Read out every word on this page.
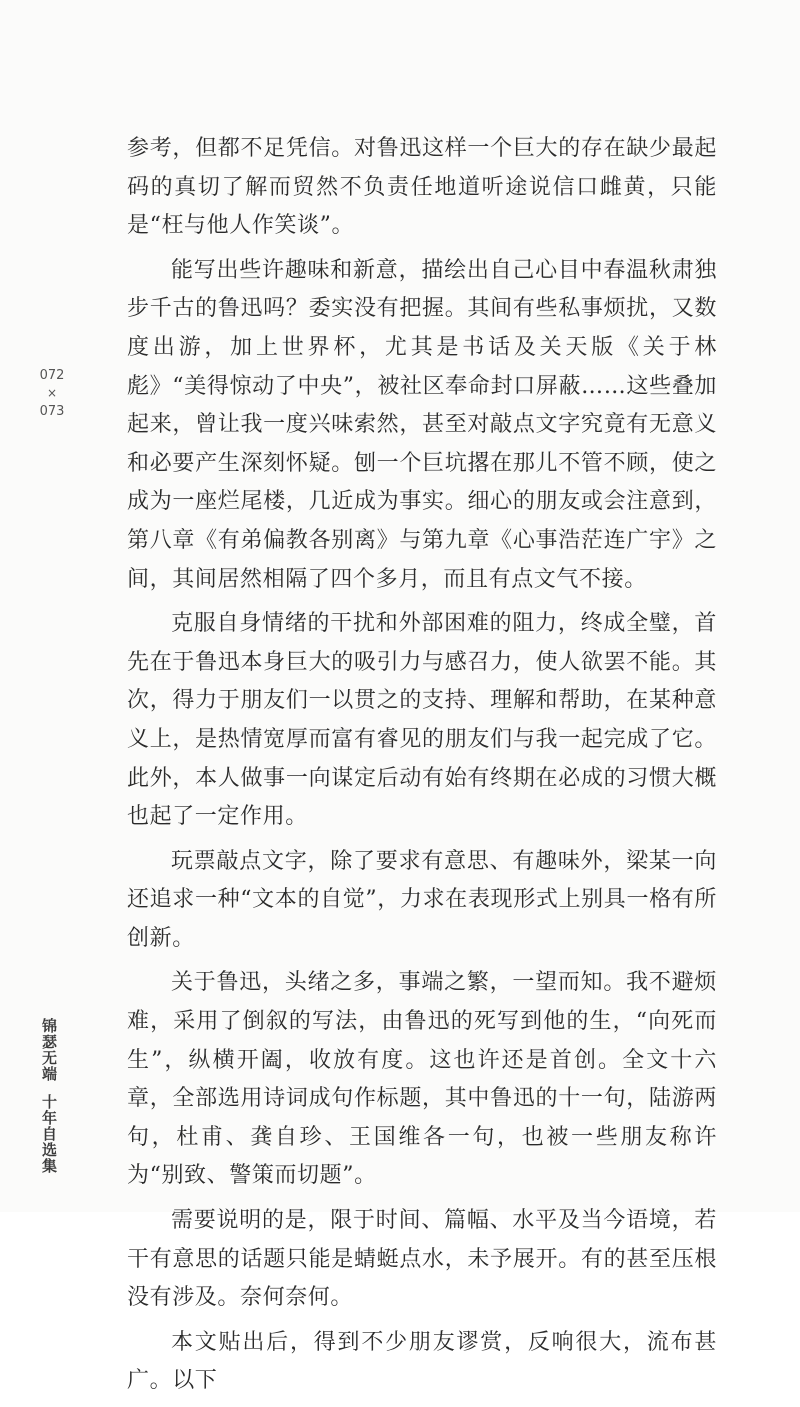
072
×
073

参考，但都不足凭信。对鲁迅这样一个巨大的存在缺少最起码的真切了解而贸然不负责任地道听途说信口雌黄，只能是“枉与他人作笑谈”。

能写出些许趣味和新意，描绘出自己心目中春温秋肃独步千古的鲁迅吗？委实没有把握。其间有些私事烦扰，又数度出游，加上世界杯，尤其是书话及关天版《关于林彪》“美得惊动了中央”，被社区奉命封口屏蔽……这些叠加起来，曾让我一度兴味索然，甚至对敲点文字究竟有无意义和必要产生深刻怀疑。刨一个巨坑撂在那儿不管不顾，使之成为一座烂尾楼，几近成为事实。细心的朋友或会注意到，第八章《有弟偏教各别离》与第九章《心事浩茫连广宇》之间，其间居然相隔了四个多月，而且有点文气不接。

克服自身情绪的干扰和外部困难的阻力，终成全璧，首先在于鲁迅本身巨大的吸引力与感召力，使人欲罢不能。其次，得力于朋友们一以贯之的支持、理解和帮助，在某种意义上，是热情宽厚而富有睿见的朋友们与我一起完成了它。此外，本人做事一向谋定后动有始有终期在必成的习惯大概也起了一定作用。

玩票敲点文字，除了要求有意思、有趣味外，梁某一向还追求一种“文本的自觉”，力求在表现形式上别具一格有所创新。

关于鲁迅，头绪之多，事端之繁，一望而知。我不避烦难，采用了倒叙的写法，由鲁迅的死写到他的生，“向死而生”，纵横开阖，收放有度。这也许还是首创。全文十六章，全部选用诗词成句作标题，其中鲁迅的十一句，陆游两句，杜甫、龚自珍、王国维各一句，也被一些朋友称许为“别致、警策而切题”。

需要说明的是，限于时间、篇幅、水平及当今语境，若干有意思的话题只能是蜻蜓点水，未予展开。有的甚至压根没有涉及。奈何奈何。

本文贴出后，得到不少朋友谬赏，反响很大，流布甚广。以下

锦瑟无端十年自选集
